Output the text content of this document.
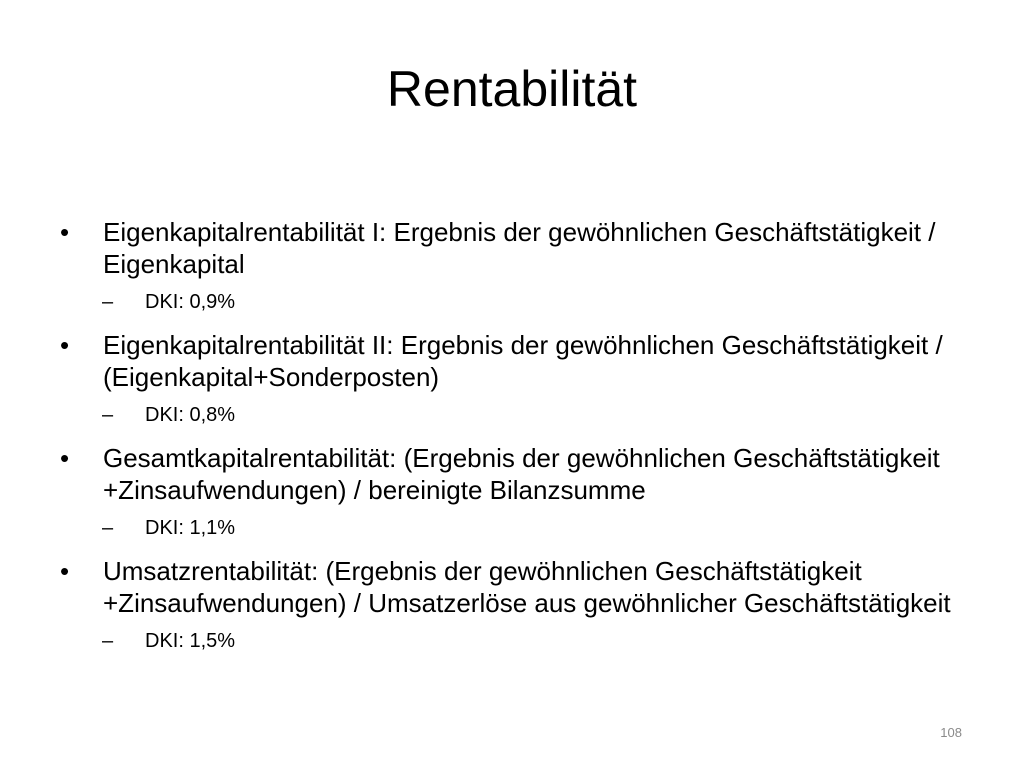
Rentabilität

•	Eigenkapitalrentabilität I: Ergebnis der gewöhnlichen Geschäftstätigkeit / Eigenkapital

– DKI: 0,9%

•	Eigenkapitalrentabilität II: Ergebnis der gewöhnlichen Geschäftstätigkeit / (Eigenkapital+Sonderposten)

– DKI: 0,8%

•	Gesamtkapitalrentabilität: (Ergebnis der gewöhnlichen Geschäftstätigkeit +Zinsaufwendungen) / bereinigte Bilanzsumme

– DKI: 1,1%

•	Umsatzrentabilität: (Ergebnis der gewöhnlichen Geschäftstätigkeit +Zinsaufwendungen) / Umsatzerlöse aus gewöhnlicher Geschäftstätigkeit

– DKI: 1,5%

108
